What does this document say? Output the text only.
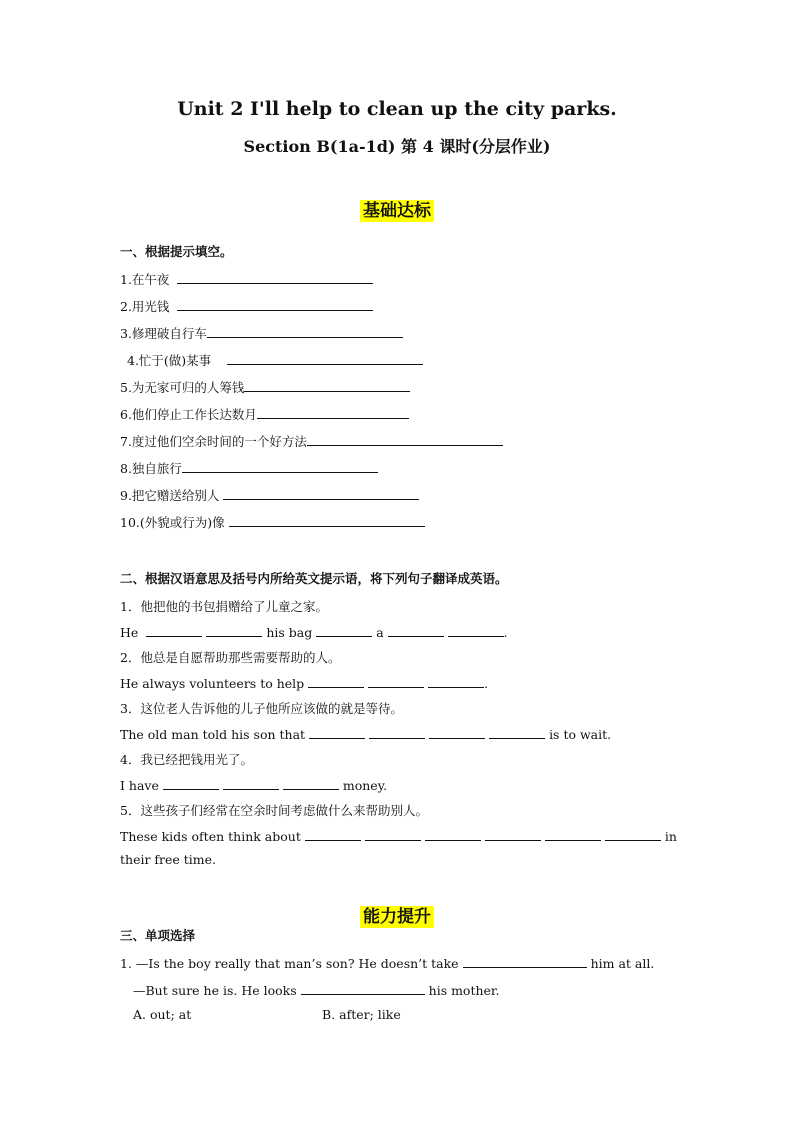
Unit 2 I'll help to clean up the city parks.
Section B(1a-1d) 第 4 课时(分层作业)
基础达标
一、根据提示填空。
1.在午夜
2.用光钱
3.修理破自行车
4.忙于(做)某事
5.为无家可归的人筹钱
6.他们停止工作长达数月
7.度过他们空余时间的一个好方法
8.独自旅行
9.把它赠送给别人
10.(外貌或行为)像
二、根据汉语意思及括号内所给英文提示语，将下列句子翻译成英语。
1．他把他的书包捐赠给了儿童之家。
He	his bag	a	.
2．他总是自愿帮助那些需要帮助的人。
He always volunteers to help	.
3．这位老人告诉他的儿子他所应该做的就是等待。
The old man told his son that	is to wait.
4．我已经把钱用光了。
I have	money.
5．这些孩子们经常在空余时间考虑做什么来帮助别人。
These kids often think about	in
their free time.
能力提升
三、单项选择
1. —Is the boy really that man’s son? He doesn’t take	him at all.
—But sure he is. He looks	his mother.
A. out; at	B. after; like
